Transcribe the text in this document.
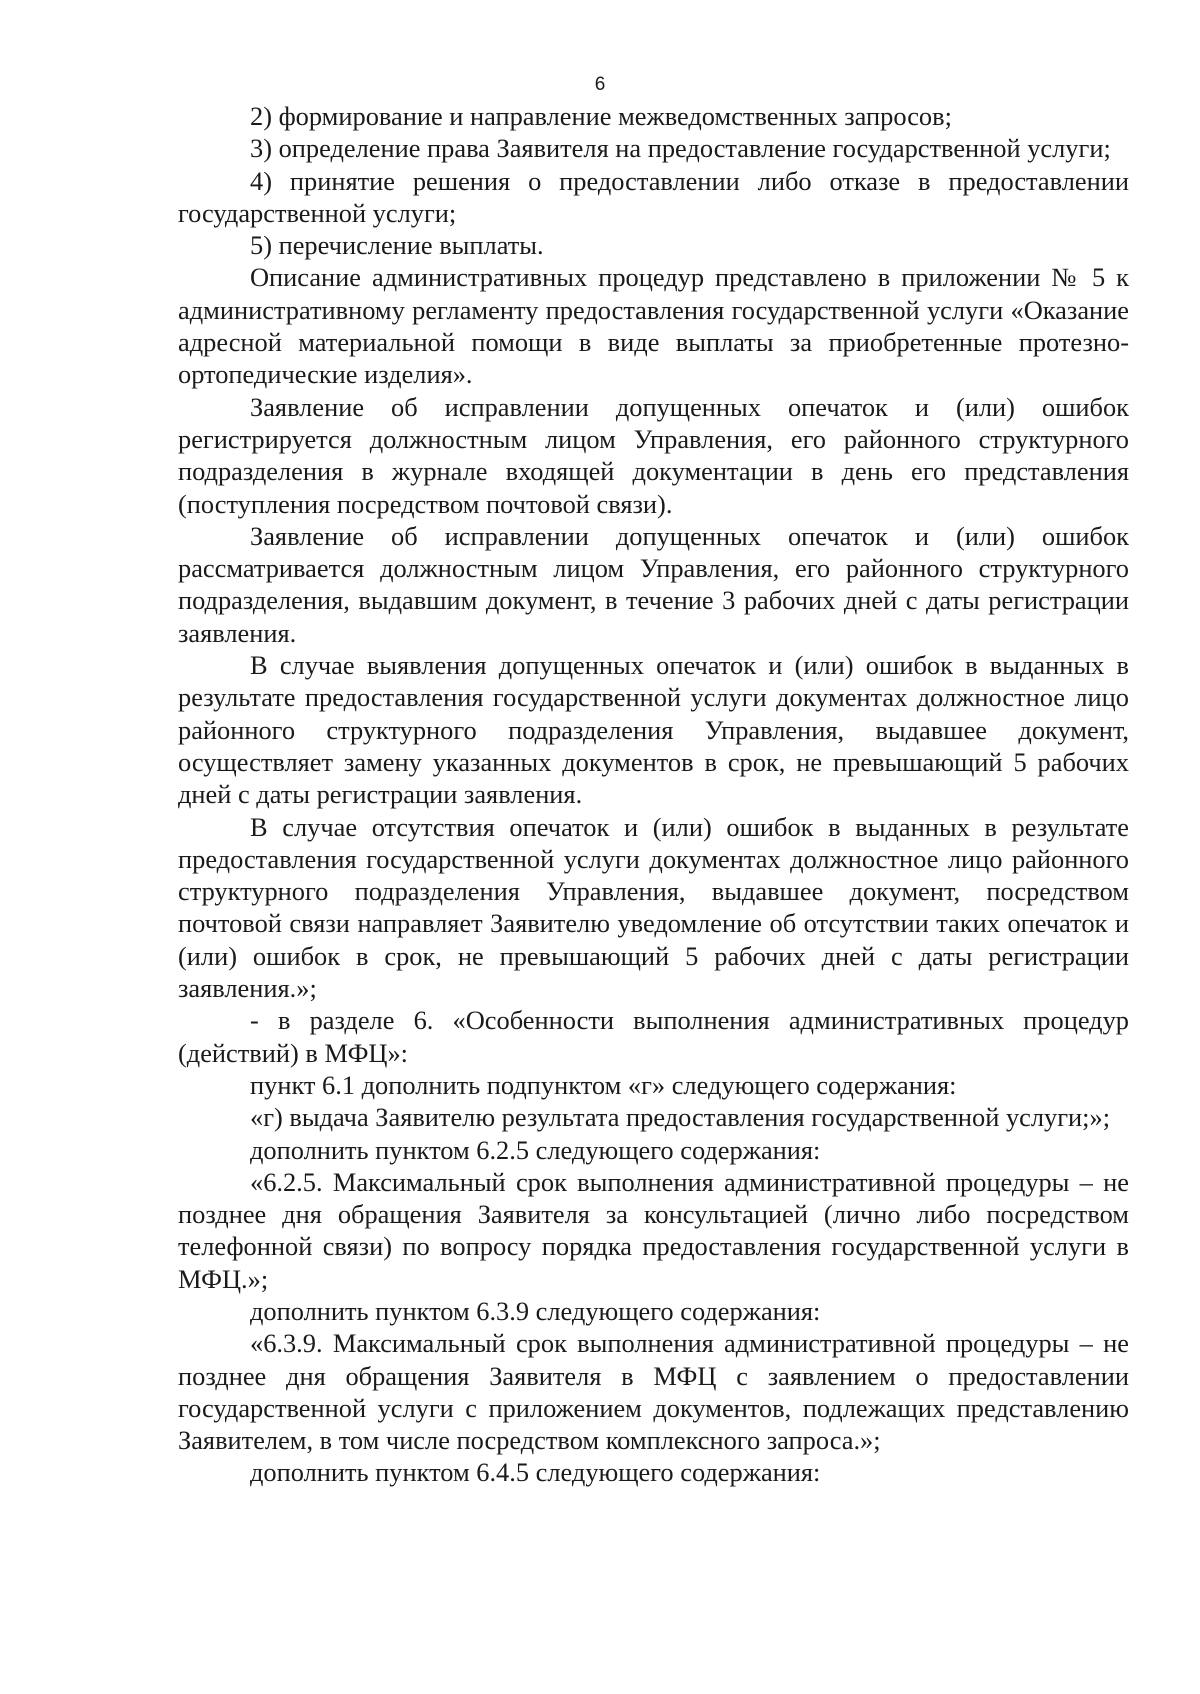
6

2) формирование и направление межведомственных запросов;

3) определение права Заявителя на предоставление государственной услуги;

4) принятие решения о предоставлении либо отказе в предоставлении государственной услуги;

5) перечисление выплаты.

Описание административных процедур представлено в приложении № 5 к административному регламенту предоставления государственной услуги «Оказание адресной материальной помощи в виде выплаты за приобретенные протезно-ортопедические изделия».

Заявление об исправлении допущенных опечаток и (или) ошибок регистрируется должностным лицом Управления, его районного структурного подразделения в журнале входящей документации в день его представления (поступления посредством почтовой связи).

Заявление об исправлении допущенных опечаток и (или) ошибок рассматривается должностным лицом Управления, его районного структурного подразделения, выдавшим документ, в течение 3 рабочих дней с даты регистрации заявления.

В случае выявления допущенных опечаток и (или) ошибок в выданных в результате предоставления государственной услуги документах должностное лицо районного структурного подразделения Управления, выдавшее документ, осуществляет замену указанных документов в срок, не превышающий 5 рабочих дней с даты регистрации заявления.

В случае отсутствия опечаток и (или) ошибок в выданных в результате предоставления государственной услуги документах должностное лицо районного структурного подразделения Управления, выдавшее документ, посредством почтовой связи направляет Заявителю уведомление об отсутствии таких опечаток и (или) ошибок в срок, не превышающий 5 рабочих дней с даты регистрации заявления.»;

- в разделе 6. «Особенности выполнения административных процедур (действий) в МФЦ»:

пункт 6.1 дополнить подпунктом «г» следующего содержания:

«г) выдача Заявителю результата предоставления государственной услуги;»;

дополнить пунктом 6.2.5 следующего содержания:

«6.2.5. Максимальный срок выполнения административной процедуры – не позднее дня обращения Заявителя за консультацией (лично либо посредством телефонной связи) по вопросу порядка предоставления государственной услуги в МФЦ.»;

дополнить пунктом 6.3.9 следующего содержания:

«6.3.9. Максимальный срок выполнения административной процедуры – не позднее дня обращения Заявителя в МФЦ с заявлением о предоставлении государственной услуги с приложением документов, подлежащих представлению Заявителем, в том числе посредством комплексного запроса.»;

дополнить пунктом 6.4.5 следующего содержания:
